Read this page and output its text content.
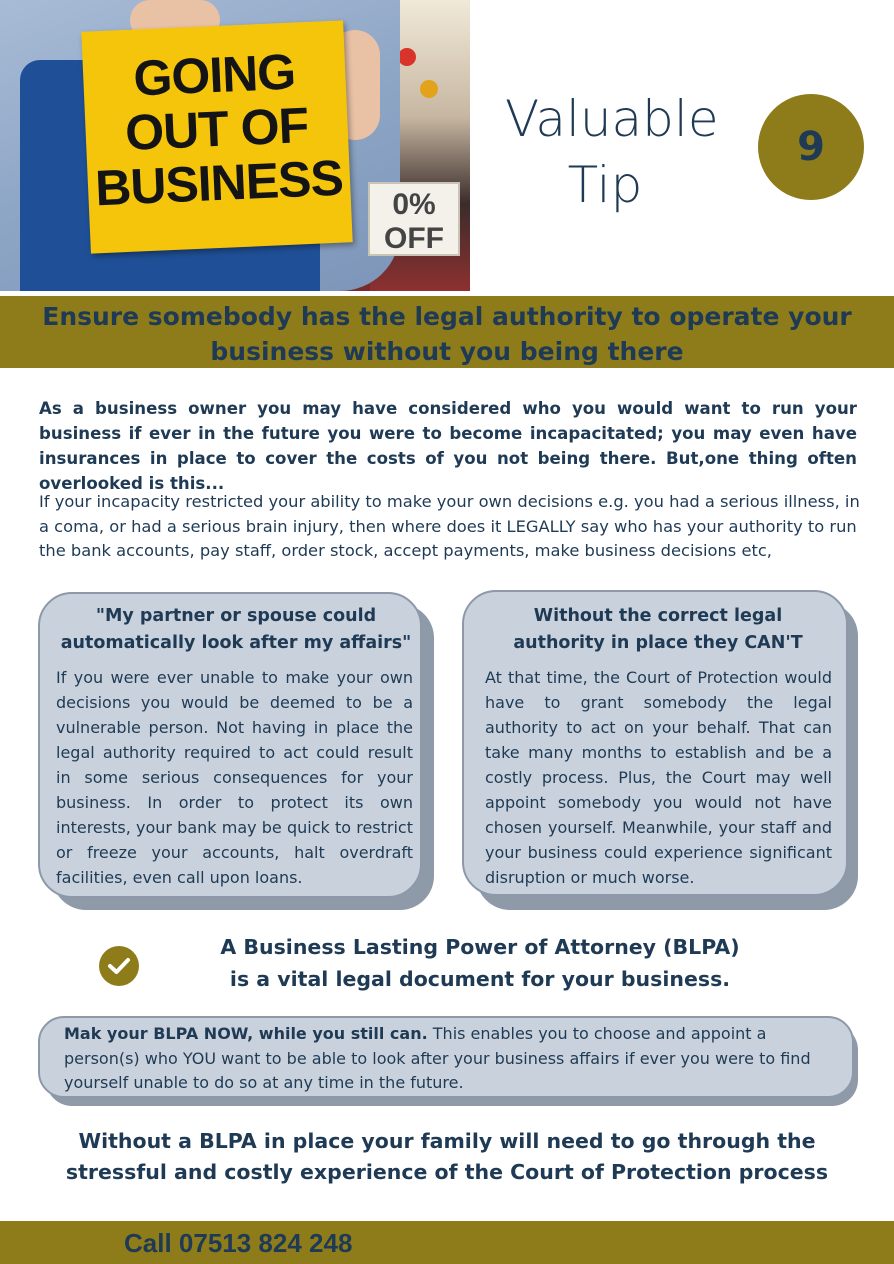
0%
OFF
GOING
OUT OF
BUSINESS
Valuable
Tip
9
Ensure somebody has the legal authority to operate your
business without you being there

As a business owner you may have considered who you would want to run your business if ever in the future you were to become incapacitated; you may even have insurances in place to cover the costs of you not being there. But,one thing often overlooked is this...

If your incapacity restricted your ability to make your own decisions e.g. you had a serious illness, in a coma, or had a serious brain injury, then where does it LEGALLY say who has your authority to run the bank accounts, pay staff, order stock, accept payments, make business decisions etc,

"My partner or spouse could
automatically look after my affairs"

If you were ever unable to make your own decisions you would be deemed to be a vulnerable person. Not having in place the legal authority required to act could result in some serious consequences for your business. In order to protect its own interests, your bank may be quick to restrict or freeze your accounts, halt overdraft facilities, even call upon loans.

Without the correct legal
authority in place they CAN'T

At that time, the Court of Protection would have to grant somebody the legal authority to act on your behalf. That can take many months to establish and be a costly process. Plus, the Court may well appoint somebody you would not have chosen yourself. Meanwhile, your staff and your business could experience significant disruption or much worse.

A Business Lasting Power of Attorney (BLPA)
is a vital legal document for your business.
Mak your BLPA NOW, while you still can. This enables you to choose and appoint a person(s) who YOU want to be able to look after your business affairs if ever you were to find yourself unable to do so at any time in the future.
Without a BLPA in place your family will need to go through the
stressful and costly experience of the Court of Protection process
Call 07513 824 248
